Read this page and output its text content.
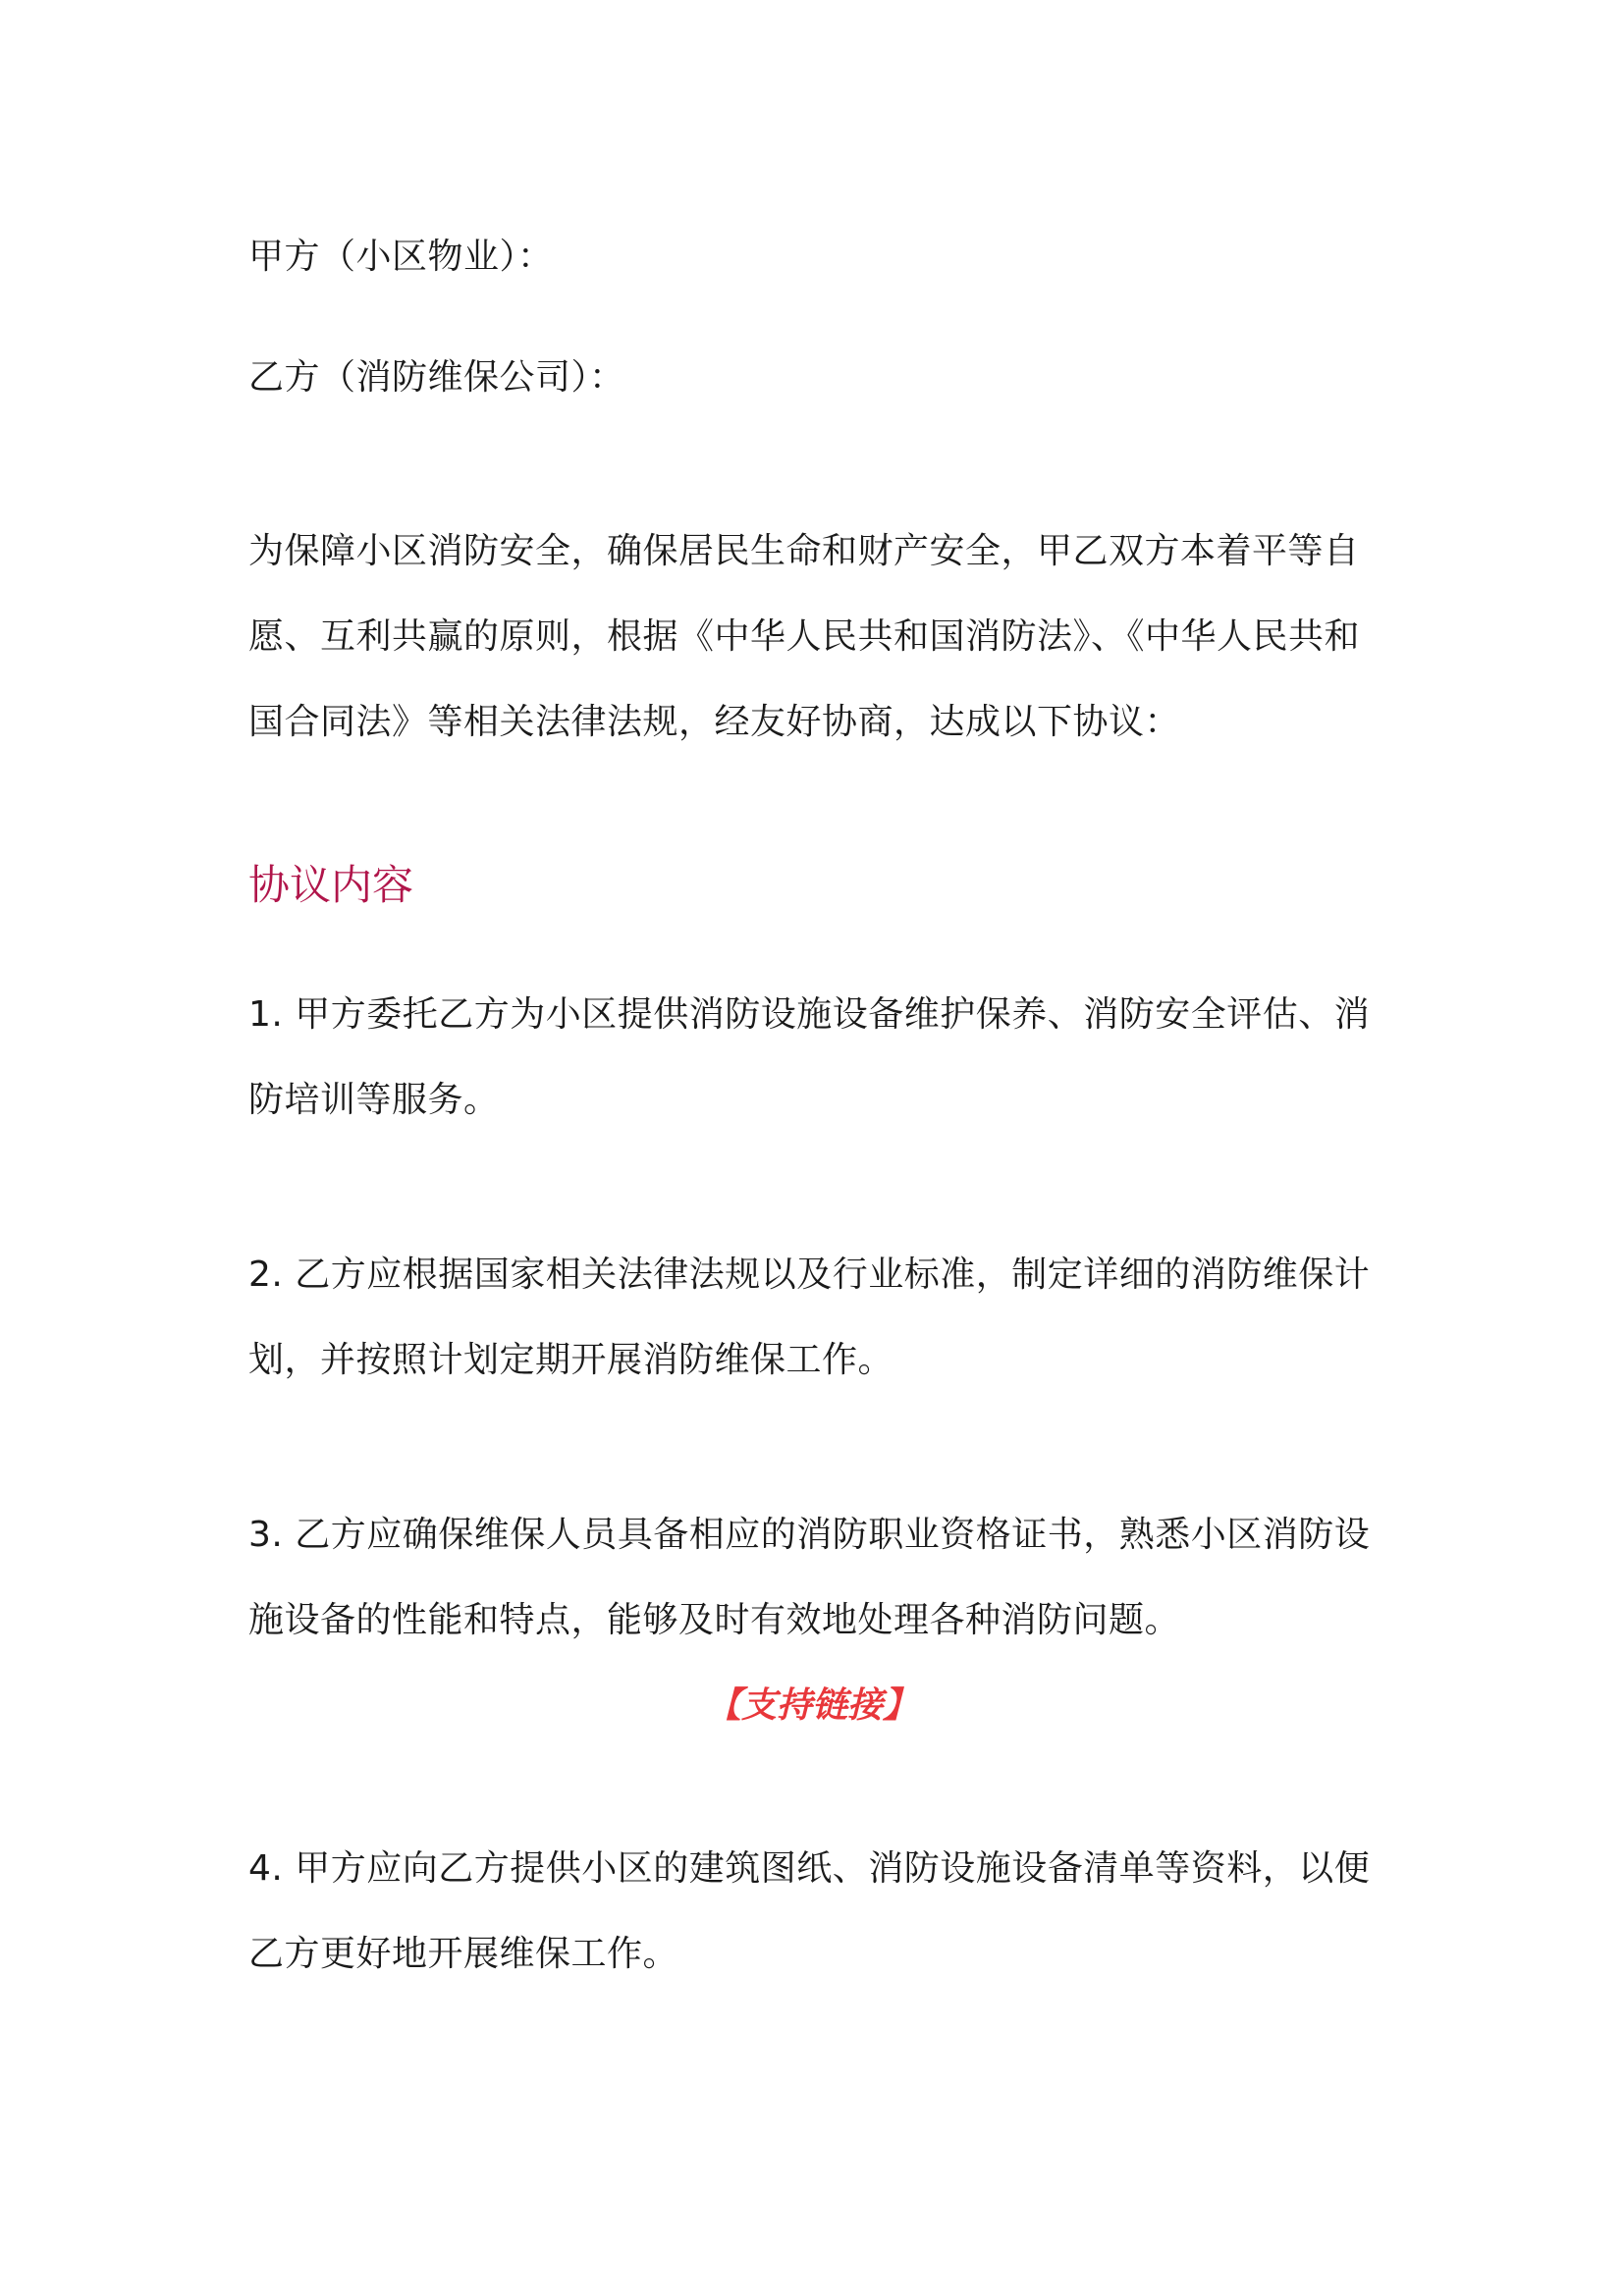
甲方（小区物业）：

乙方（消防维保公司）：

为保障小区消防安全，确保居民生命和财产安全，甲乙双方本着平等自愿、互利共赢的原则，根据《中华人民共和国消防法》、《中华人民共和国合同法》等相关法律法规，经友好协商，达成以下协议：

协议内容

1. 甲方委托乙方为小区提供消防设施设备维护保养、消防安全评估、消防培训等服务。

2. 乙方应根据国家相关法律法规以及行业标准，制定详细的消防维保计划，并按照计划定期开展消防维保工作。

3. 乙方应确保维保人员具备相应的消防职业资格证书，熟悉小区消防设施设备的性能和特点，能够及时有效地处理各种消防问题。

【支持链接】

4. 甲方应向乙方提供小区的建筑图纸、消防设施设备清单等资料，以便乙方更好地开展维保工作。
